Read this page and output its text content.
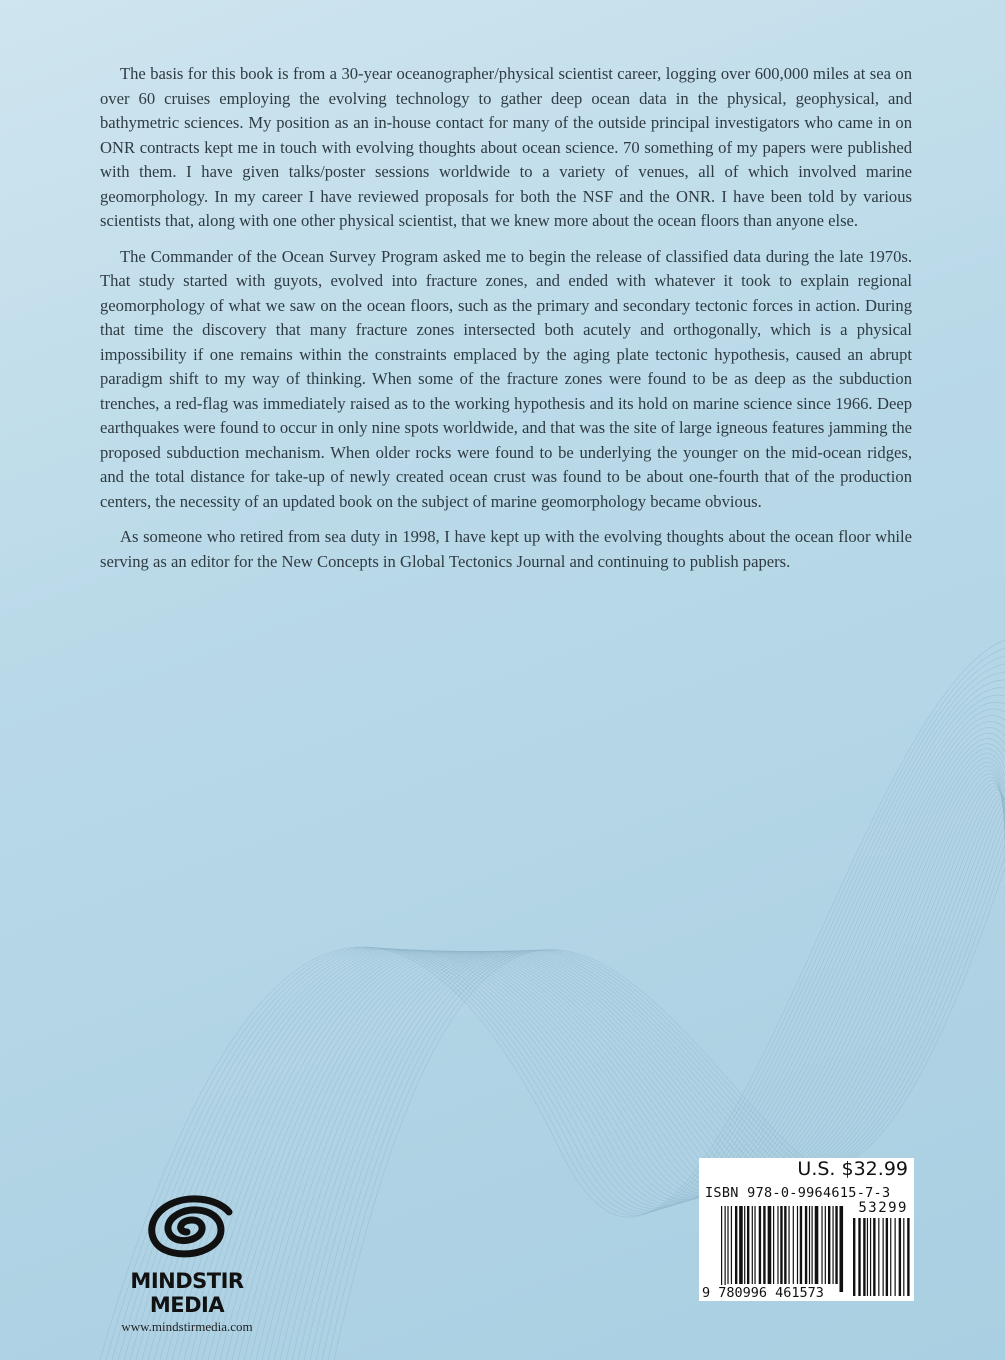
The basis for this book is from a 30-year oceanographer/physical scientist career, logging over 600,000 miles at sea on over 60 cruises employing the evolving technology to gather deep ocean data in the physical, geophysical, and bathymetric sciences. My position as an in-house contact for many of the outside principal investigators who came in on ONR contracts kept me in touch with evolving thoughts about ocean science. 70 something of my papers were published with them. I have given talks/poster sessions worldwide to a variety of venues, all of which involved marine geomorphology. In my career I have reviewed proposals for both the NSF and the ONR. I have been told by various scientists that, along with one other physical scientist, that we knew more about the ocean floors than anyone else.

The Commander of the Ocean Survey Program asked me to begin the release of classified data during the late 1970s. That study started with guyots, evolved into fracture zones, and ended with whatever it took to explain regional geomorphology of what we saw on the ocean floors, such as the primary and secondary tectonic forces in action. During that time the discovery that many fracture zones intersected both acutely and orthogonally, which is a physical impossibility if one remains within the constraints emplaced by the aging plate tectonic hypothesis, caused an abrupt paradigm shift to my way of thinking. When some of the fracture zones were found to be as deep as the subduction trenches, a red-flag was immediately raised as to the working hypothesis and its hold on marine science since 1966. Deep earthquakes were found to occur in only nine spots worldwide, and that was the site of large igneous features jamming the proposed subduction mechanism. When older rocks were found to be underlying the younger on the mid-ocean ridges, and the total distance for take-up of newly created ocean crust was found to be about one-fourth that of the production centers, the necessity of an updated book on the subject of marine geomorphology became obvious.

As someone who retired from sea duty in 1998, I have kept up with the evolving thoughts about the ocean floor while serving as an editor for the New Concepts in Global Tectonics Journal and continuing to publish papers.

MINDSTIR MEDIA
www.mindstirmedia.com
U.S. $32.99
ISBN 978-0-9964615-7-3
53299
9 780996 461573
